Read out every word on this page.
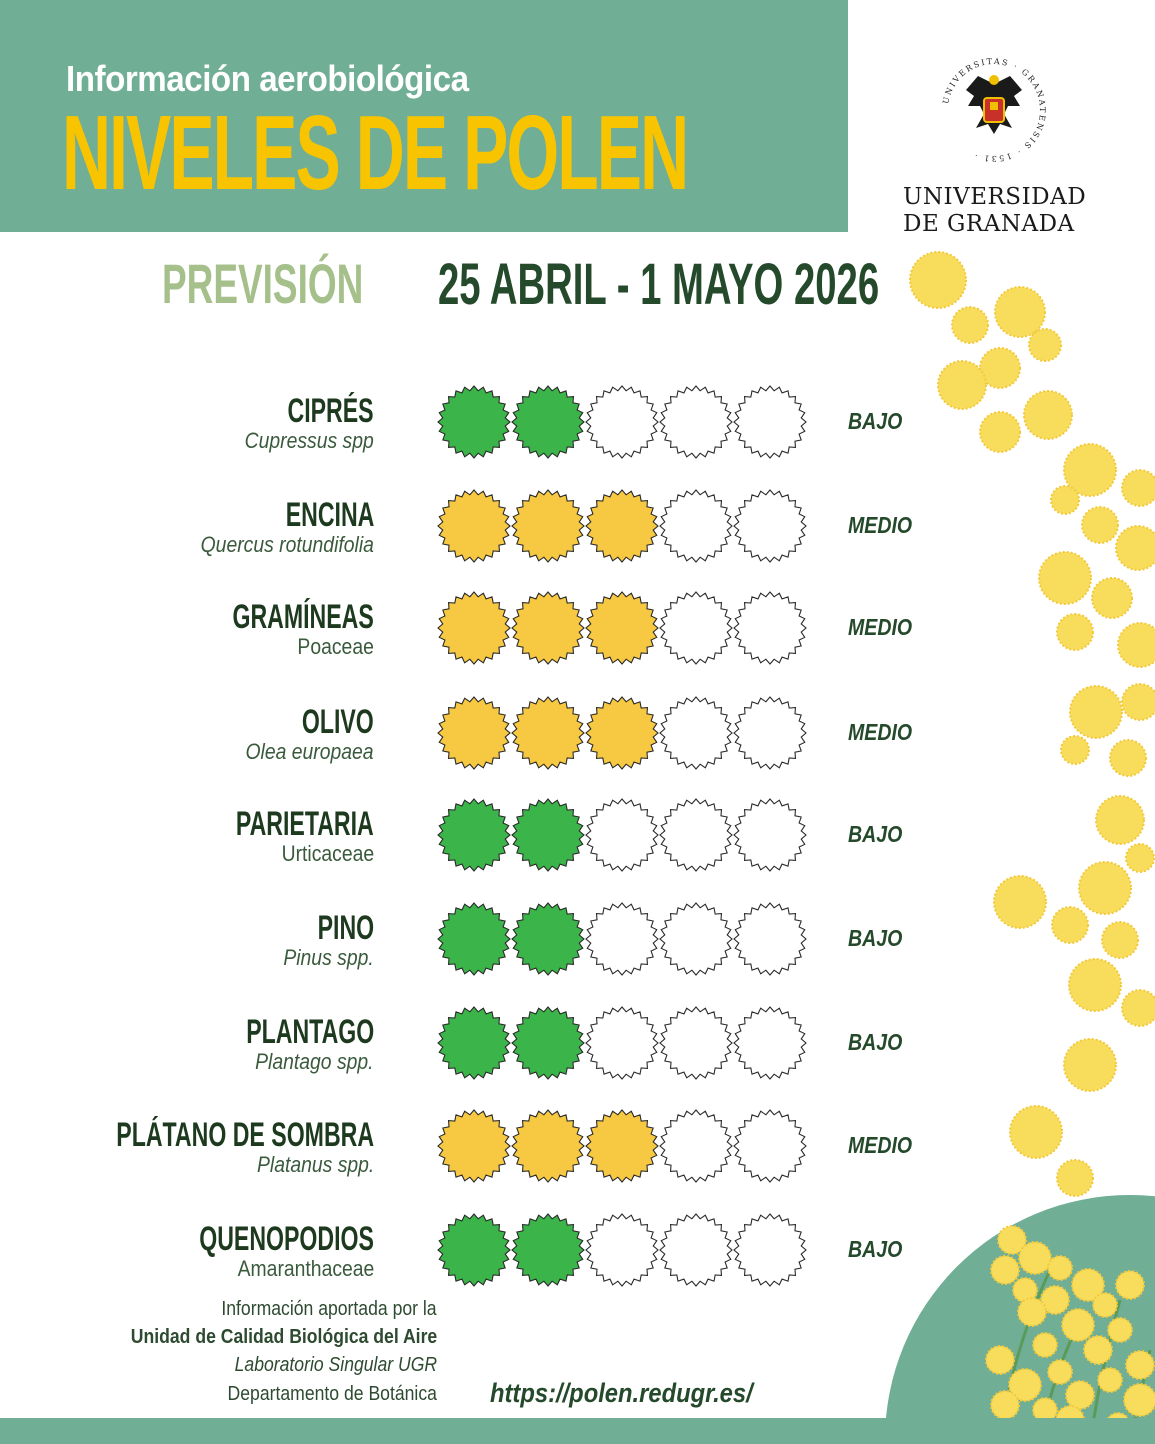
Información aerobiológica
NIVELES DE POLEN	UNIVERSITAS · GRANATENSIS · 1531 ·
UNIVERSIDAD
DE GRANADA
PREVISIÓN 25 ABRIL - 1 MAYO 2026
CIPRÉS
Cupressus spp
BAJO
ENCINA
Quercus rotundifolia
MEDIO
GRAMÍNEAS
Poaceae
MEDIO
OLIVO
Olea europaea
MEDIO
PARIETARIA
Urticaceae
BAJO
PINO
Pinus spp.
BAJO
PLANTAGO
Plantago spp.
BAJO
PLÁTANO DE SOMBRA
Platanus spp.
MEDIO
QUENOPODIOS
Amaranthaceae
BAJO
Información aportada por la
Unidad de Calidad Biológica del Aire
Laboratorio Singular UGR
Departamento de Botánica https://polen.redugr.es/
